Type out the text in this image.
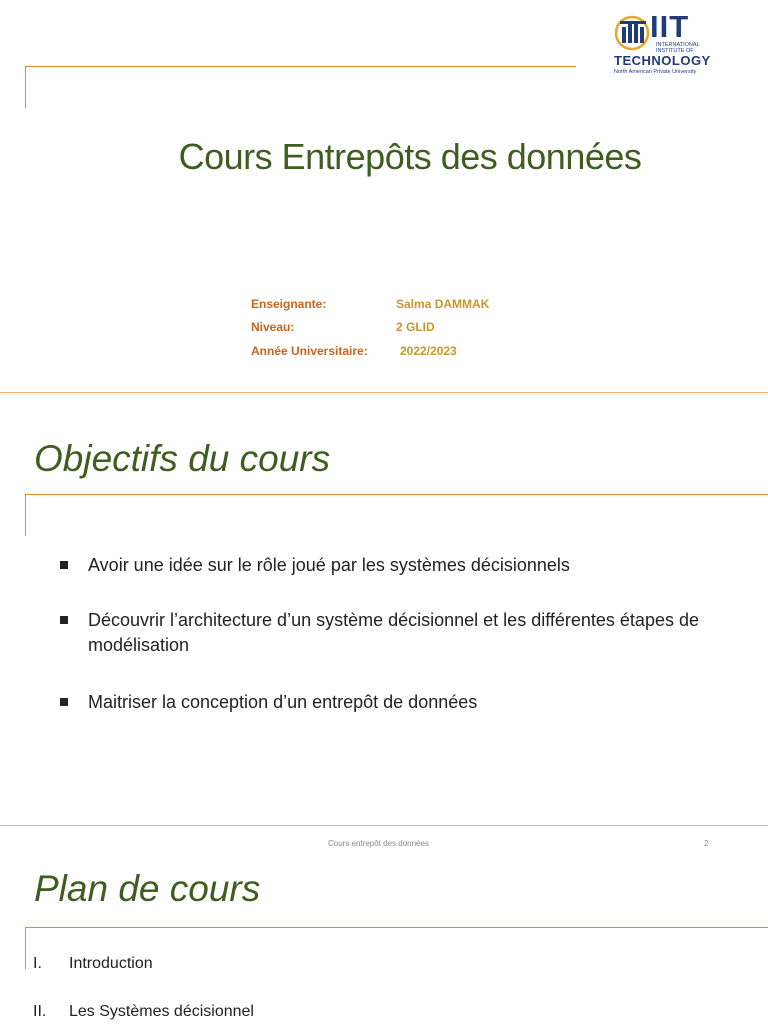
IIT
INTERNATIONAL
INSTITUTE OF
TECHNOLOGY
North American Private University
Cours Entrepôts des données
Enseignante:	Salma DAMMAK
Niveau:	2 GLID
Année Universitaire:	2022/2023
Objectifs du cours
Avoir une idée sur le rôle joué par les systèmes décisionnels
Découvrir l’architecture d’un système décisionnel et les différentes étapes de modélisation
Maitriser la conception d’un entrepôt de données
Cours entrepôt des données	2
Plan de cours
I. Introduction
II. Les Systèmes décisionnel
